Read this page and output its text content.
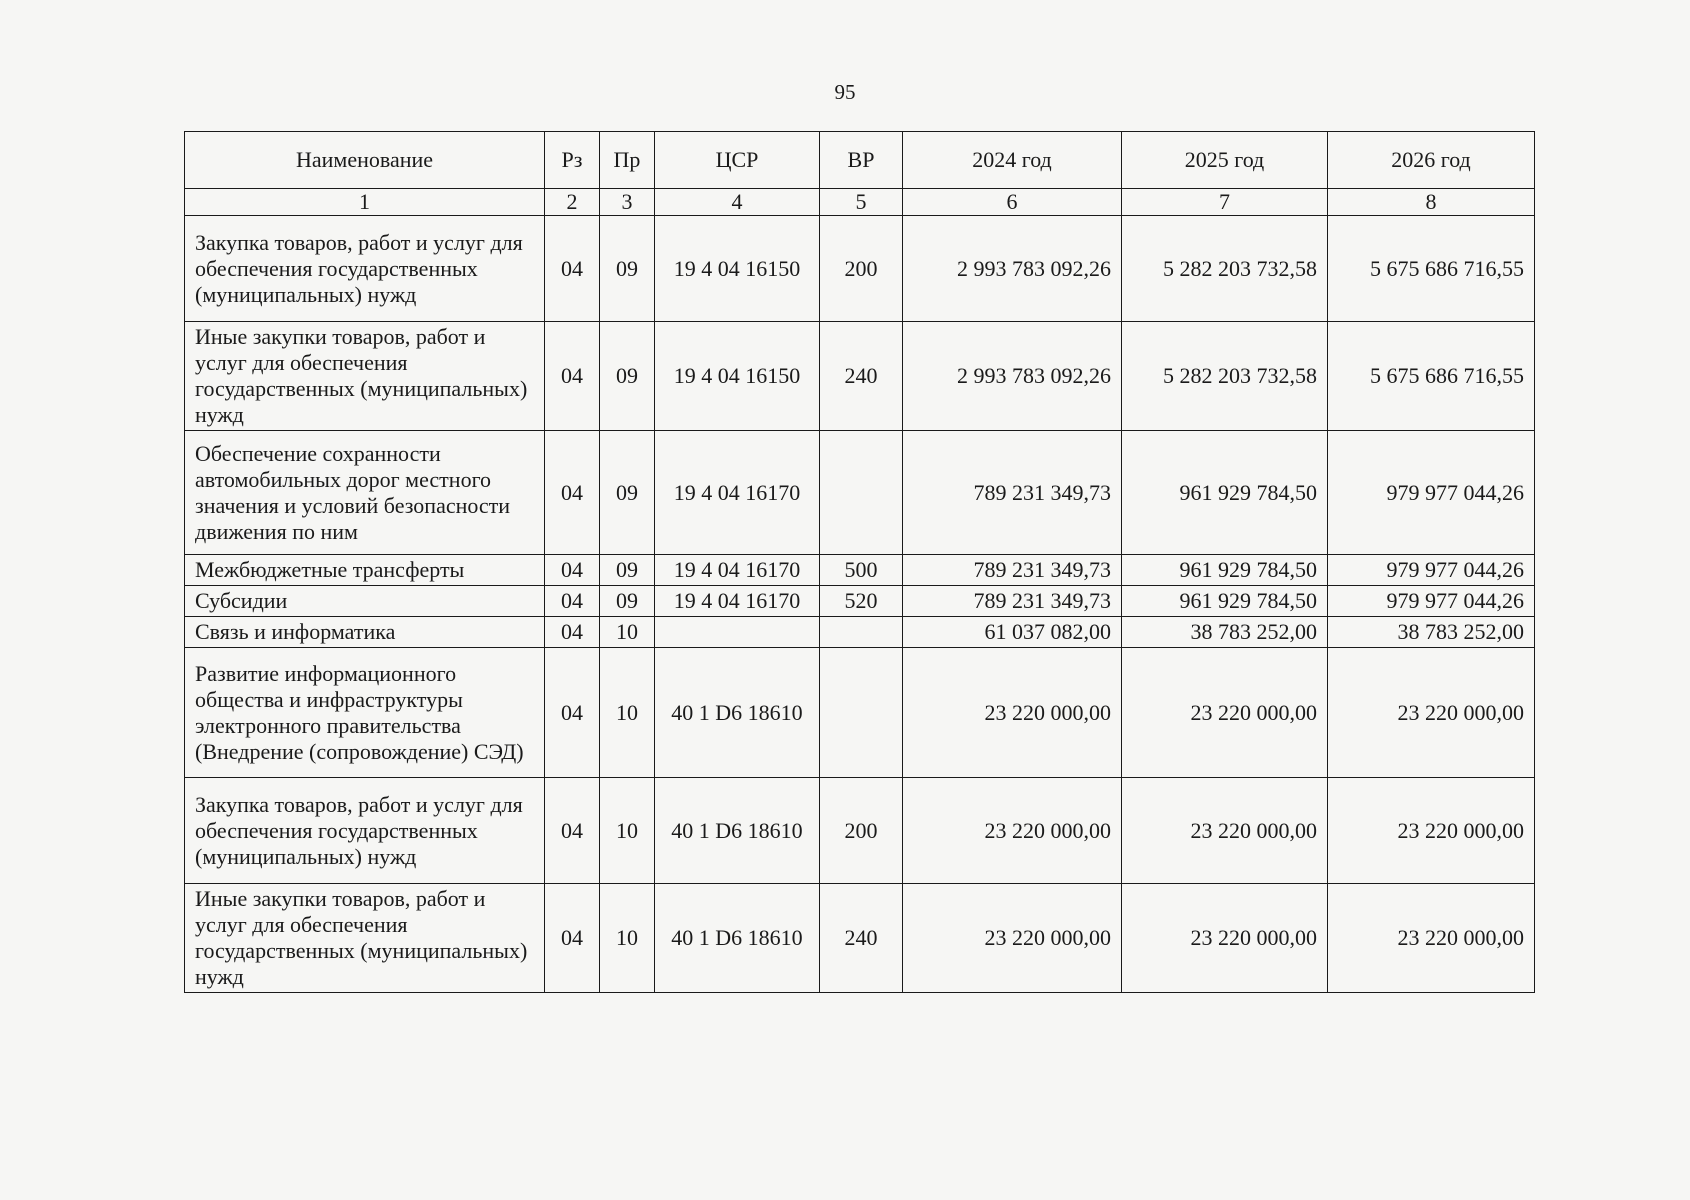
95
Наименование	Рз	Пр	ЦСР	ВР	2024 год	2025 год	2026 год
1	2	3	4	5	6	7	8
Закупка товаров, работ и услуг для обеспечения государственных (муниципальных) нужд	04	09	19 4 04 16150	200	2 993 783 092,26	5 282 203 732,58	5 675 686 716,55
Иные закупки товаров, работ и услуг для обеспечения государственных (муниципальных) нужд	04	09	19 4 04 16150	240	2 993 783 092,26	5 282 203 732,58	5 675 686 716,55
Обеспечение сохранности автомобильных дорог местного значения и условий безопасности движения по ним	04	09	19 4 04 16170		789 231 349,73	961 929 784,50	979 977 044,26
Межбюджетные трансферты	04	09	19 4 04 16170	500	789 231 349,73	961 929 784,50	979 977 044,26
Субсидии	04	09	19 4 04 16170	520	789 231 349,73	961 929 784,50	979 977 044,26
Связь и информатика	04	10			61 037 082,00	38 783 252,00	38 783 252,00
Развитие информационного общества и инфраструктуры электронного правительства (Внедрение (сопровождение) СЭД)	04	10	40 1 D6 18610		23 220 000,00	23 220 000,00	23 220 000,00
Закупка товаров, работ и услуг для обеспечения государственных (муниципальных) нужд	04	10	40 1 D6 18610	200	23 220 000,00	23 220 000,00	23 220 000,00
Иные закупки товаров, работ и услуг для обеспечения государственных (муниципальных) нужд	04	10	40 1 D6 18610	240	23 220 000,00	23 220 000,00	23 220 000,00
